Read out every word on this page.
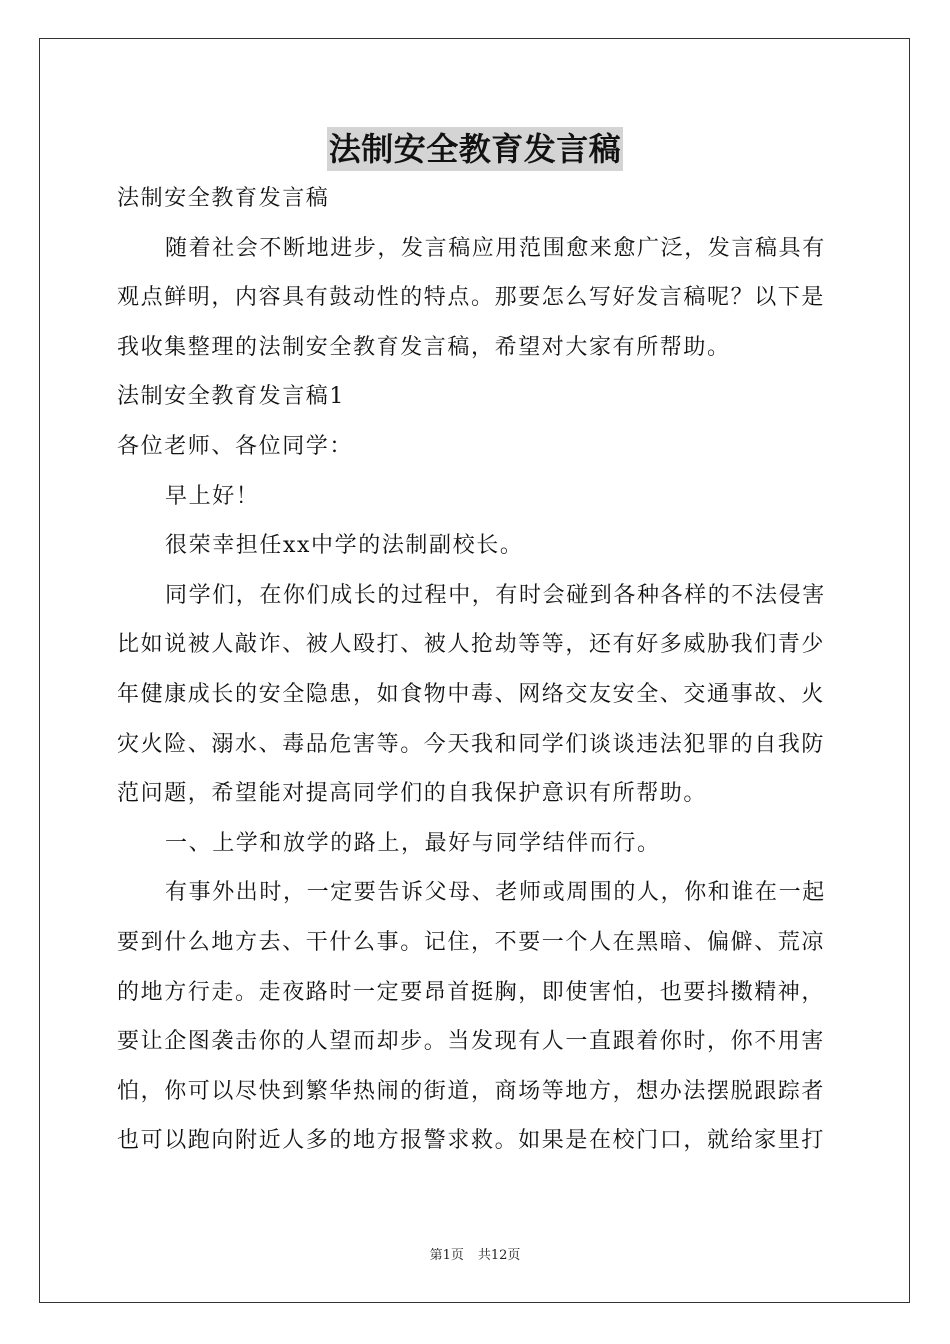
法制安全教育发言稿
法制安全教育发言稿
随着社会不断地进步，发言稿应用范围愈来愈广泛，发言稿具有
观点鲜明，内容具有鼓动性的特点。那要怎么写好发言稿呢？以下是
我收集整理的法制安全教育发言稿，希望对大家有所帮助。
法制安全教育发言稿1
各位老师、各位同学：
早上好！
很荣幸担任xx中学的法制副校长。
同学们，在你们成长的过程中，有时会碰到各种各样的不法侵害
比如说被人敲诈、被人殴打、被人抢劫等等，还有好多威胁我们青少
年健康成长的安全隐患，如食物中毒、网络交友安全、交通事故、火
灾火险、溺水、毒品危害等。今天我和同学们谈谈违法犯罪的自我防
范问题，希望能对提高同学们的自我保护意识有所帮助。
一、上学和放学的路上，最好与同学结伴而行。
有事外出时，一定要告诉父母、老师或周围的人，你和谁在一起
要到什么地方去、干什么事。记住，不要一个人在黑暗、偏僻、荒凉
的地方行走。走夜路时一定要昂首挺胸，即使害怕，也要抖擞精神，
要让企图袭击你的人望而却步。当发现有人一直跟着你时，你不用害
怕，你可以尽快到繁华热闹的街道，商场等地方，想办法摆脱跟踪者
也可以跑向附近人多的地方报警求救。如果是在校门口，就给家里打
第1页 共12页
